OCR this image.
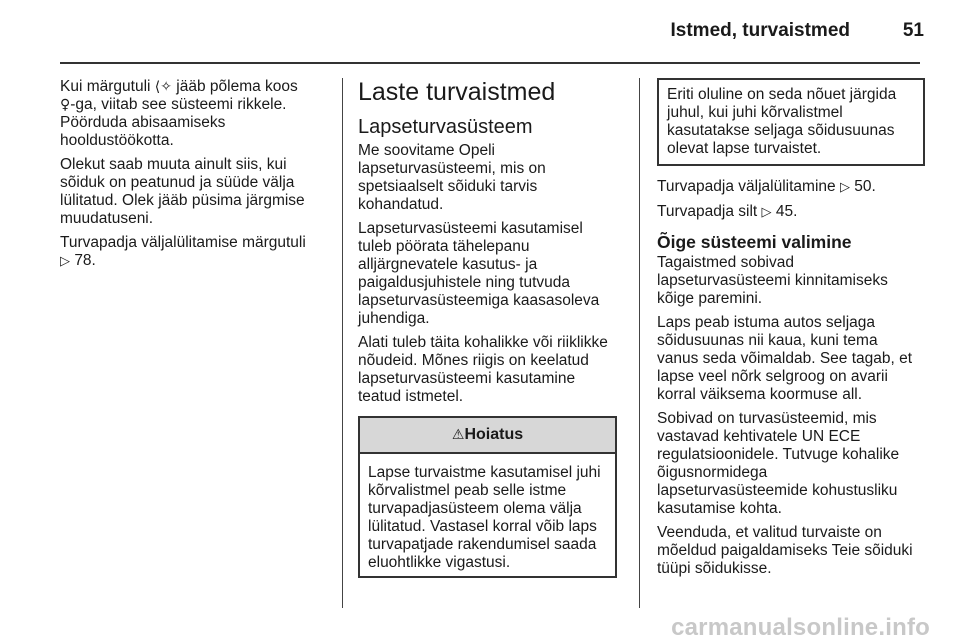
Istmed, turvaistmed	51

Kui märgutuli ⟨✧ jääb põlema koos
♀-ga, viitab see süsteemi rikkele.
Pöörduda abisaamiseks
hooldustöökotta.

Olekut saab muuta ainult siis, kui
sõiduk on peatunud ja süüde välja
lülitatud. Olek jääb püsima järgmise
muudatuseni.

Turvapadja väljalülitamise märgutuli
▷ 78.

Laste turvaistmed
Lapseturvasüsteem

Me soovitame Opeli
lapseturvasüsteemi, mis on
spetsiaalselt sõiduki tarvis
kohandatud.

Lapseturvasüsteemi kasutamisel
tuleb pöörata tähelepanu
alljärgnevatele kasutus- ja
paigaldusjuhistele ning tutvuda
lapseturvasüsteemiga kaasasoleva
juhendiga.

Alati tuleb täita kohalikke või riiklikke
nõudeid. Mõnes riigis on keelatud
lapseturvasüsteemi kasutamine
teatud istmetel.

⚠Hoiatus
Lapse turvaistme kasutamisel juhi
kõrvalistmel peab selle istme
turvapadjasüsteem olema välja
lülitatud. Vastasel korral võib laps
turvapatjade rakendumisel saada
eluohtlikke vigastusi.
Eriti oluline on seda nõuet järgida
juhul, kui juhi kõrvalistmel
kasutatakse seljaga sõidusuunas
olevat lapse turvaistet.

Turvapadja väljalülitamine ▷ 50.

Turvapadja silt ▷ 45.

Õige süsteemi valimine

Tagaistmed sobivad
lapseturvasüsteemi kinnitamiseks
kõige paremini.

Laps peab istuma autos seljaga
sõidusuunas nii kaua, kuni tema
vanus seda võimaldab. See tagab, et
lapse veel nõrk selgroog on avarii
korral väiksema koormuse all.

Sobivad on turvasüsteemid, mis
vastavad kehtivatele UN ECE
regulatsioonidele. Tutvuge kohalike
õigusnormidega
lapseturvasüsteemide kohustusliku
kasutamise kohta.

Veenduda, et valitud turvaiste on
mõeldud paigaldamiseks Teie sõiduki
tüüpi sõidukisse.

carmanualsonline.info
